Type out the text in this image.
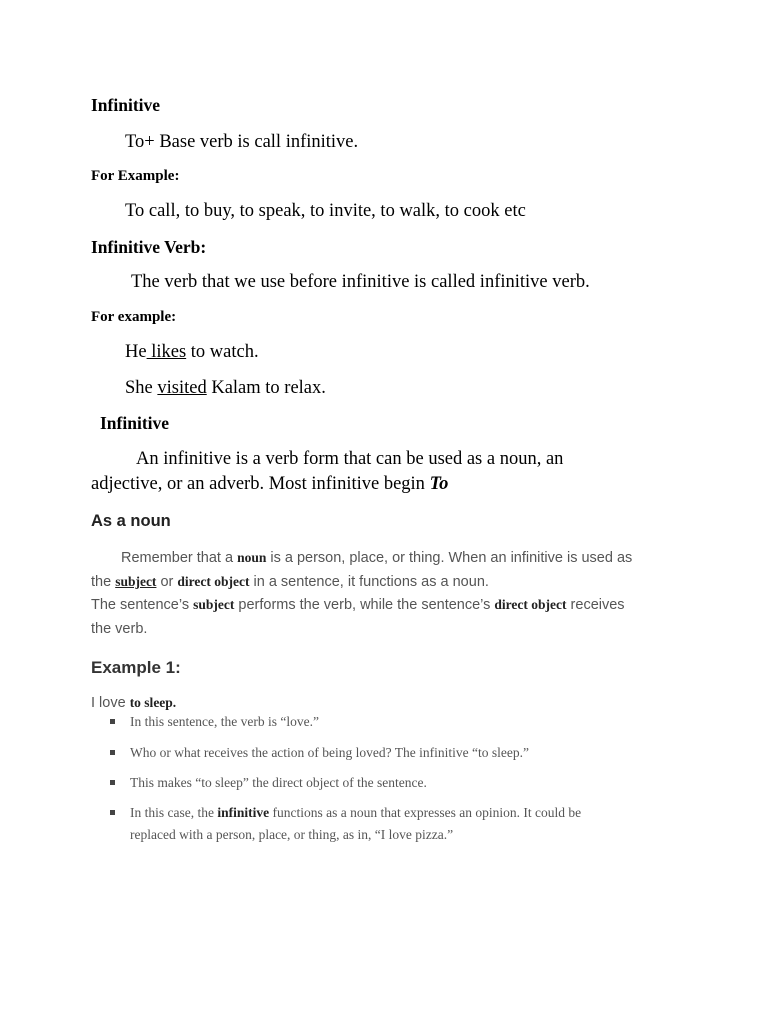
Infinitive

To+ Base verb is call infinitive.

For Example:

To call, to buy, to speak, to invite, to walk, to cook etc

Infinitive Verb:

The verb that we use before infinitive is called infinitive verb.

For example:

He likes to watch.

She visited Kalam to relax.

Infinitive

An infinitive is a verb form that can be used as a noun, an

adjective, or an adverb. Most infinitive begin To

As a noun

Remember that a noun is a person, place, or thing. When an infinitive is used as

the subject or direct object in a sentence, it functions as a noun.

The sentence’s subject performs the verb, while the sentence’s direct object receives

the verb.

Example 1:

I love to sleep.

In this sentence, the verb is “love.”

Who or what receives the action of being loved? The infinitive “to sleep.”

This makes “to sleep” the direct object of the sentence.

In this case, the infinitive functions as a noun that expresses an opinion. It could be

replaced with a person, place, or thing, as in, “I love pizza.”
